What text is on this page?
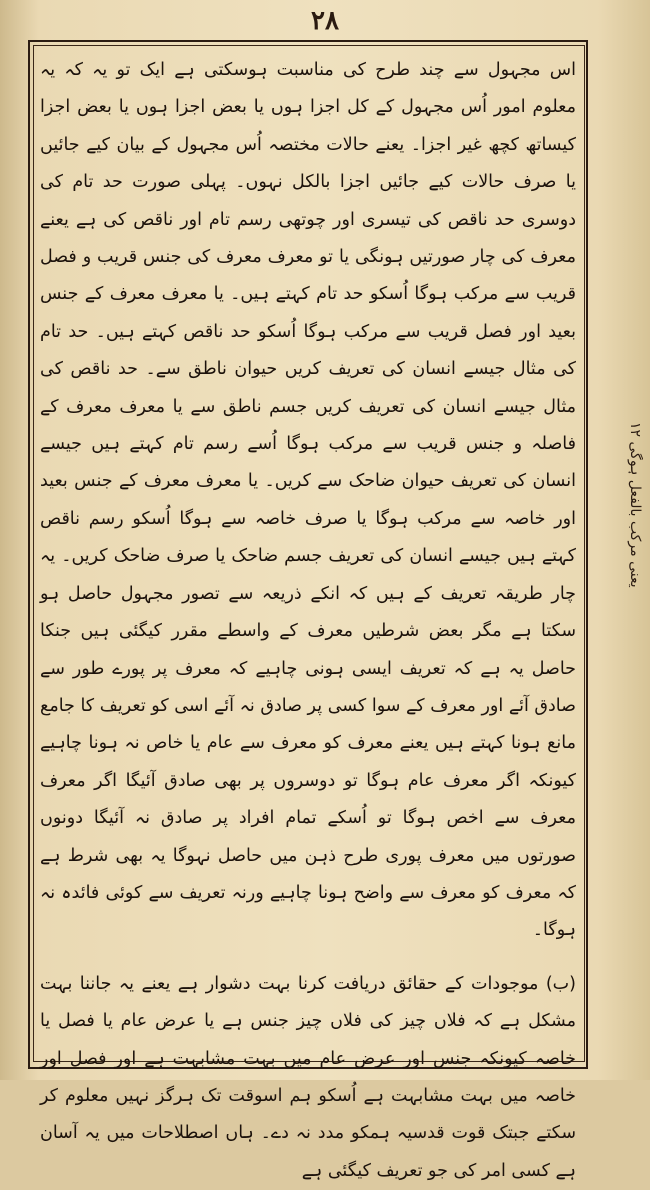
۲۸

اس مجہول سے چند طرح کی مناسبت ہوسکتی ہے ایک تو یہ کہ یہ معلوم امور اُس مجہول کے کل اجزا ہوں یا بعض اجزا ہوں یا بعض اجزا کیساتھ کچھ غیر اجزا۔ یعنے حالات مختصہ اُس مجہول کے بیان کیے جائیں یا صرف حالات کیے جائیں اجزا بالکل نہوں۔ پہلی صورت حد تام کی دوسری حد ناقص کی تیسری اور چوتھی رسم تام اور ناقص کی ہے یعنے معرف کی چار صورتیں ہونگی یا تو معرف معرف کی جنس قریب و فصل قریب سے مرکب ہوگا اُسکو حد تام کہتے ہیں۔ یا معرف معرف کے جنس بعید اور فصل قریب سے مرکب ہوگا اُسکو حد ناقص کہتے ہیں۔ حد تام کی مثال جیسے انسان کی تعریف کریں حیوان ناطق سے۔ حد ناقص کی مثال جیسے انسان کی تعریف کریں جسم ناطق سے یا معرف معرف کے فاصلہ و جنس قریب سے مرکب ہوگا اُسے رسم تام کہتے ہیں جیسے انسان کی تعریف حیوان ضاحک سے کریں۔ یا معرف معرف کے جنس بعید اور خاصہ سے مرکب ہوگا یا صرف خاصہ سے ہوگا اُسکو رسم ناقص کہتے ہیں جیسے انسان کی تعریف جسم ضاحک یا صرف ضاحک کریں۔ یہ چار طریقہ تعریف کے ہیں کہ انکے ذریعہ سے تصور مجہول حاصل ہو سکتا ہے مگر بعض شرطیں معرف کے واسطے مقرر کیگئی ہیں جنکا حاصل یہ ہے کہ تعریف ایسی ہونی چاہیے کہ معرف پر پورے طور سے صادق آئے اور معرف کے سوا کسی پر صادق نہ آئے اسی کو تعریف کا جامع مانع ہونا کہتے ہیں یعنے معرف کو معرف سے عام یا خاص نہ ہونا چاہیے کیونکہ اگر معرف عام ہوگا تو دوسروں پر بھی صادق آئیگا اگر معرف معرف سے اخص ہوگا تو اُسکے تمام افراد پر صادق نہ آئیگا دونوں صورتوں میں معرف پوری طرح ذہن میں حاصل نہوگا یہ بھی شرط ہے کہ معرف کو معرف سے واضح ہونا چاہیے ورنہ تعریف سے کوئی فائدہ نہ ہوگا۔

(ب) موجودات کے حقائق دریافت کرنا بہت دشوار ہے یعنے یہ جاننا بہت مشکل ہے کہ فلاں چیز کی فلاں چیز جنس ہے یا عرض عام یا فصل یا خاصہ کیونکہ جنس اور عرض عام میں بہت مشابہت ہے اور فصل اور خاصہ میں بہت مشابہت ہے اُسکو ہم اسوقت تک ہرگز نہیں معلوم کر سکتے جبتک قوت قدسیہ ہمکو مدد نہ دے۔ ہاں اصطلاحات میں یہ آسان ہے کسی امر کی جو تعریف کیگئی ہے

یعنی مرکب بالفعل ہوگی ۱۲
